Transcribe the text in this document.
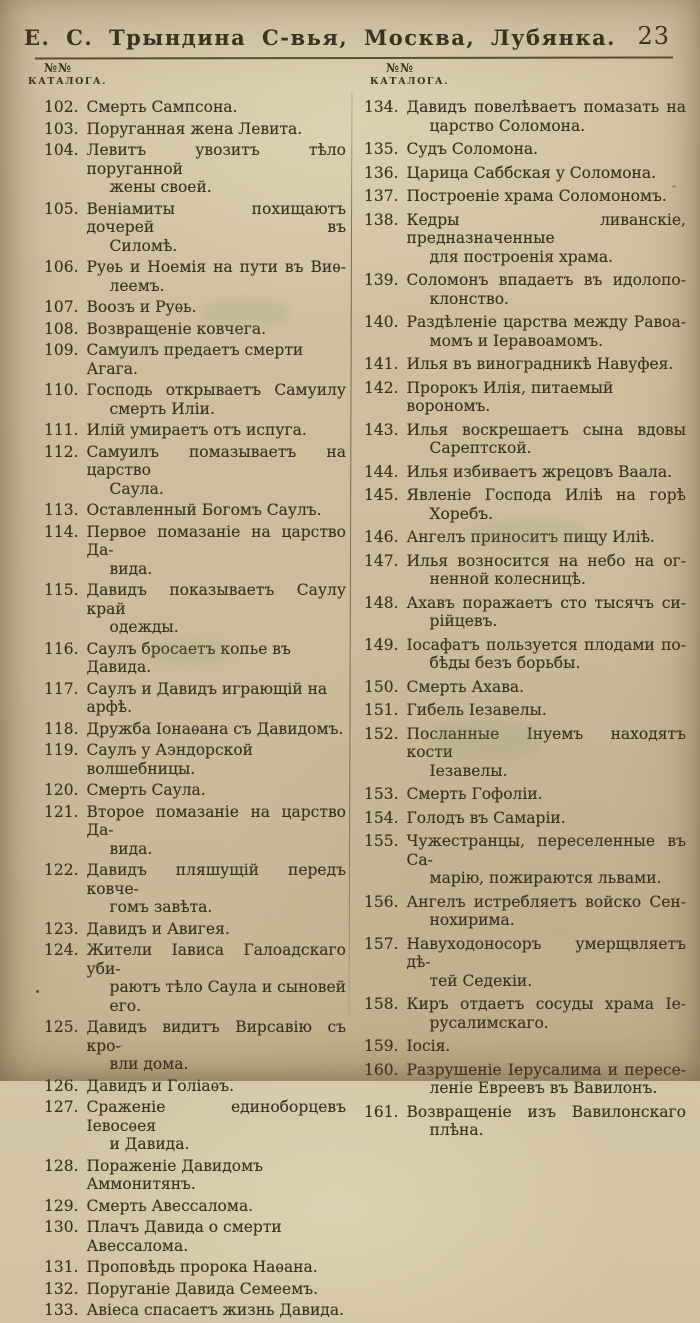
Е. С. Трындина С-вья, Москва, Лубянка. 23
№№
КАТАЛОГА.
№№
КАТАЛОГА.
102. Смерть Сампсона.
103. Поруганная жена Левита.
104. Левитъ увозитъ тѣло поруганной
жены своей.
105. Веніамиты похищаютъ дочерей въ
Силомѣ.
106. Руѳь и Ноемія на пути въ Виѳ-
леемъ.
107. Воозъ и Руѳь.
108. Возвращеніе ковчега.
109. Самуилъ предаетъ смерти Агага.
110. Господь открываетъ Самуилу
смерть Иліи.
111. Илій умираетъ отъ испуга.
112. Самуилъ помазываетъ на царство
Саула.
113. Оставленный Богомъ Саулъ.
114. Первое помазаніе на царство Да-
вида.
115. Давидъ показываетъ Саулу край
одежды.
116. Саулъ бросаетъ копье въ Давида.
117. Саулъ и Давидъ играющій на арфѣ.
118. Дружба Іонаѳана съ Давидомъ.
119. Саулъ у Аэндорской волшебницы.
120. Смерть Саула.
121. Второе помазаніе на царство Да-
вида.
122. Давидъ пляшущій передъ ковче-
гомъ завѣта.
123. Давидъ и Авигея.
124. Жители Іависа Галоадскаго уби-
раютъ тѣло Саула и сыновей
его.
125. Давидъ видитъ Вирсавію съ кро-
вли дома.
126. Давидъ и Голіаѳъ.
127. Сраженіе единоборцевъ Іевосѳея
и Давида.
128. Пораженіе Давидомъ Аммонитянъ.
129. Смерть Авессалома.
130. Плачъ Давида о смерти Авессалома.
131. Проповѣдь пророка Наѳана.
132. Поруганіе Давида Семеемъ.
133. Авіеса спасаетъ жизнь Давида.
134. Давидъ повелѣваетъ помазать на
царство Соломона.
135. Судъ Соломона.
136. Царица Саббская у Соломона.
137. Построеніе храма Соломономъ.
138. Кедры ливанскіе, предназначенные
для построенія храма.
139. Соломонъ впадаетъ въ идолопо-
клонство.
140. Раздѣленіе царства между Равоа-
момъ и Іеравоамомъ.
141. Илья въ виноградникѣ Навуфея.
142. Пророкъ Илія, питаемый ворономъ.
143. Илья воскрешаетъ сына вдовы
Сарептской.
144. Илья избиваетъ жрецовъ Ваала.
145. Явленіе Господа Иліѣ на горѣ
Хоребъ.
146. Ангелъ приноситъ пищу Иліѣ.
147. Илья возносится на небо на ог-
ненной колесницѣ.
148. Ахавъ поражаетъ сто тысячъ си-
рійцевъ.
149. Іосафатъ пользуется плодами по-
бѣды безъ борьбы.
150. Смерть Ахава.
151. Гибель Іезавелы.
152. Посланные Інуемъ находятъ кости
Іезавелы.
153. Смерть Гофоліи.
154. Голодъ въ Самаріи.
155. Чужестранцы, переселенные въ Са-
марію, пожираются львами.
156. Ангелъ истребляетъ войско Сен-
нохирима.
157. Навуходоносоръ умерщвляетъ дѣ-
тей Седекіи.
158. Киръ отдаетъ сосуды храма Іе-
русалимскаго.
159. Іосія.
160. Разрушеніе Іерусалима и пересе-
леніе Евреевъ въ Вавилонъ.
161. Возвращеніе изъ Вавилонскаго
плѣна.
